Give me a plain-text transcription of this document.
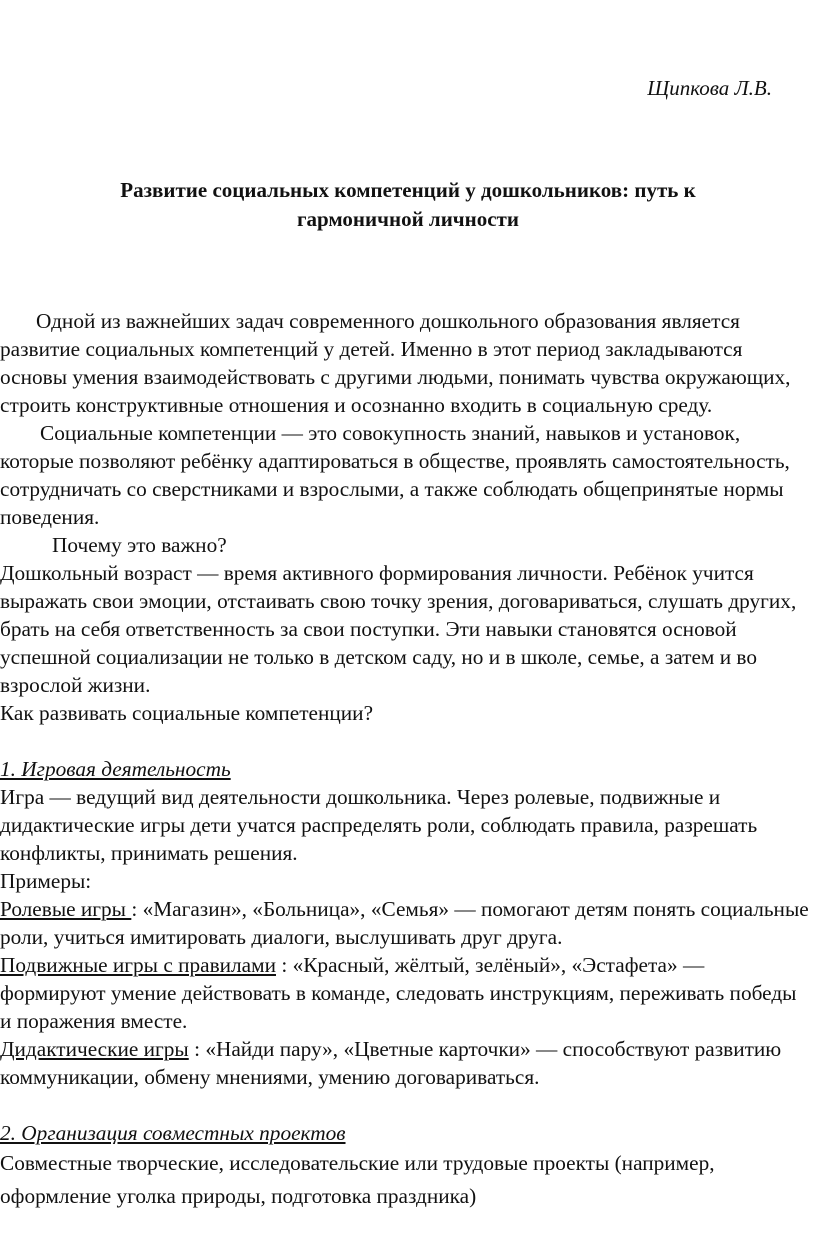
Щипкова Л.В.

Развитие социальных компетенций у дошкольников: путь к
гармоничной личности

Одной из важнейших задач современного дошкольного образования является развитие социальных компетенций у детей. Именно в этот период закладываются основы умения взаимодействовать с другими людьми, понимать чувства окружающих, строить конструктивные отношения и осознанно входить в социальную среду.

Социальные компетенции — это совокупность знаний, навыков и установок, которые позволяют ребёнку адаптироваться в обществе, проявлять самостоятельность, сотрудничать со сверстниками и взрослыми, а также соблюдать общепринятые нормы поведения.

Почему это важно?

Дошкольный возраст — время активного формирования личности. Ребёнок учится выражать свои эмоции, отстаивать свою точку зрения, договариваться, слушать других, брать на себя ответственность за свои поступки. Эти навыки становятся основой успешной социализации не только в детском саду, но и в школе, семье, а затем и во взрослой жизни.

Как развивать социальные компетенции?

1. Игровая деятельность

Игра — ведущий вид деятельности дошкольника. Через ролевые, подвижные и дидактические игры дети учатся распределять роли, соблюдать правила, разрешать конфликты, принимать решения.

Примеры:

Ролевые игры : «Магазин», «Больница», «Семья» — помогают детям понять социальные роли, учиться имитировать диалоги, выслушивать друг друга.

Подвижные игры с правилами : «Красный, жёлтый, зелёный», «Эстафета» — формируют умение действовать в команде, следовать инструкциям, переживать победы и поражения вместе.

Дидактические игры : «Найди пару», «Цветные карточки» — способствуют развитию коммуникации, обмену мнениями, умению договариваться.

2. Организация совместных проектов

Совместные творческие, исследовательские или трудовые проекты (например, оформление уголка природы, подготовка праздника)
